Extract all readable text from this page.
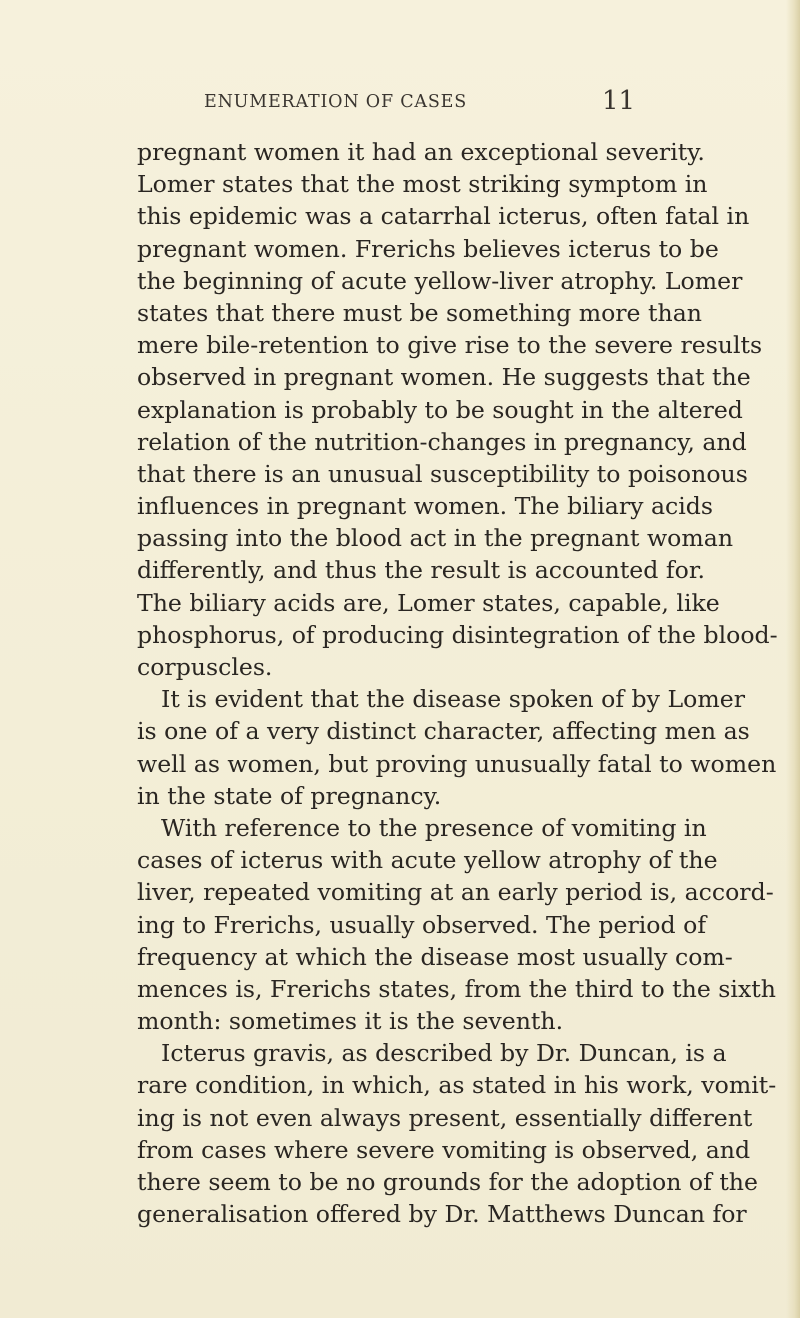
ENUMERATION OF CASES	11
pregnant women it had an exceptional severity.
Lomer states that the most striking symptom in
this epidemic was a catarrhal icterus, often fatal in
pregnant women. Frerichs believes icterus to be
the beginning of acute yellow-liver atrophy. Lomer
states that there must be something more than
mere bile-retention to give rise to the severe results
observed in pregnant women. He suggests that the
explanation is probably to be sought in the altered
relation of the nutrition-changes in pregnancy, and
that there is an unusual susceptibility to poisonous
influences in pregnant women. The biliary acids
passing into the blood act in the pregnant woman
differently, and thus the result is accounted for.
The biliary acids are, Lomer states, capable, like
phosphorus, of producing disintegration of the blood-
corpuscles.
It is evident that the disease spoken of by Lomer
is one of a very distinct character, affecting men as
well as women, but proving unusually fatal to women
in the state of pregnancy.
With reference to the presence of vomiting in
cases of icterus with acute yellow atrophy of the
liver, repeated vomiting at an early period is, accord-
ing to Frerichs, usually observed. The period of
frequency at which the disease most usually com-
mences is, Frerichs states, from the third to the sixth
month: sometimes it is the seventh.
Icterus gravis, as described by Dr. Duncan, is a
rare condition, in which, as stated in his work, vomit-
ing is not even always present, essentially different
from cases where severe vomiting is observed, and
there seem to be no grounds for the adoption of the
generalisation offered by Dr. Matthews Duncan for
